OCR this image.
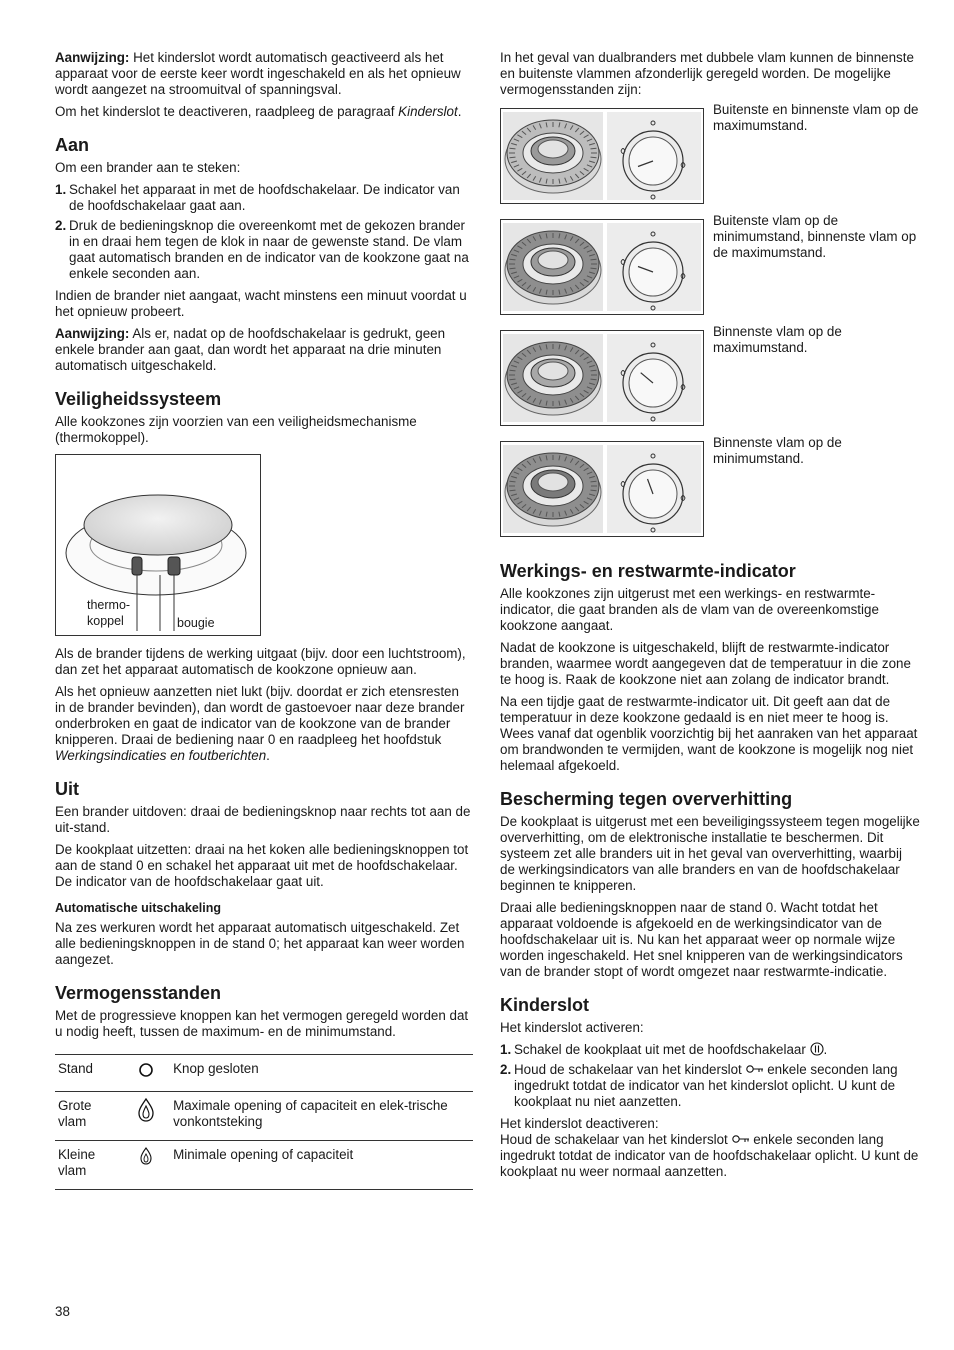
Aanwijzing: Het kinderslot wordt automatisch geactiveerd als het apparaat voor de eerste keer wordt ingeschakeld en als het opnieuw wordt aangezet na stroomuitval of spanningsval.

Om het kinderslot te deactiveren, raadpleeg de paragraaf Kinderslot.

Aan

Om een brander aan te steken:

1. Schakel het apparaat in met de hoofdschakelaar. De indicator van de hoofdschakelaar gaat aan.
2. Druk de bedieningsknop die overeenkomt met de gekozen brander in en draai hem tegen de klok in naar de gewenste stand. De vlam gaat automatisch branden en de indicator van de kookzone gaat na enkele seconden aan.

Indien de brander niet aangaat, wacht minstens een minuut voordat u het opnieuw probeert.

Aanwijzing: Als er, nadat op de hoofdschakelaar is gedrukt, geen enkele brander aan gaat, dan wordt het apparaat na drie minuten automatisch uitgeschakeld.

Veiligheidssysteem

Alle kookzones zijn voorzien van een veiligheidsmechanisme (thermokoppel).

thermo-
koppel	bougie

Als de brander tijdens de werking uitgaat (bijv. door een luchtstroom), dan zet het apparaat automatisch de kookzone opnieuw aan.

Als het opnieuw aanzetten niet lukt (bijv. doordat er zich etensresten in de brander bevinden), dan wordt de gastoevoer naar deze brander onderbroken en gaat de indicator van de kookzone van de brander knipperen. Draai de bediening naar 0 en raadpleeg het hoofdstuk Werkingsindicaties en foutberichten.

Uit

Een brander uitdoven: draai de bedieningsknop naar rechts tot aan de uit-stand.

De kookplaat uitzetten: draai na het koken alle bedieningsknoppen tot aan de stand 0 en schakel het apparaat uit met de hoofdschakelaar. De indicator van de hoofdschakelaar gaat uit.

Automatische uitschakeling

Na zes werkuren wordt het apparaat automatisch uitgeschakeld. Zet alle bedieningsknoppen in de stand 0; het apparaat kan weer worden aangezet.

Vermogensstanden

Met de progressieve knoppen kan het vermogen geregeld worden dat u nodig heeft, tussen de maximum- en de minimumstand.

Stand		Knop gesloten
Grote vlam		Maximale opening of capaciteit en elek-trische vonkontsteking
Kleine vlam		Minimale opening of capaciteit

In het geval van dualbranders met dubbele vlam kunnen de binnenste en buitenste vlammen afzonderlijk geregeld worden. De mogelijke vermogensstanden zijn:

Buitenste en binnenste vlam op de maximumstand.
Buitenste vlam op de minimumstand, binnenste vlam op de maximumstand.
Binnenste vlam op de maximumstand.
Binnenste vlam op de minimumstand.
Werkings- en restwarmte-indicator

Alle kookzones zijn uitgerust met een werkings- en restwarmte-indicator, die gaat branden als de vlam van de overeenkomstige kookzone aangaat.

Nadat de kookzone is uitgeschakeld, blijft de restwarmte-indicator branden, waarmee wordt aangegeven dat de temperatuur in die zone te hoog is. Raak de kookzone niet aan zolang de indicator brandt.

Na een tijdje gaat de restwarmte-indicator uit. Dit geeft aan dat de temperatuur in deze kookzone gedaald is en niet meer te hoog is. Wees vanaf dat ogenblik voorzichtig bij het aanraken van het apparaat om brandwonden te vermijden, want de kookzone is mogelijk nog niet helemaal afgekoeld.

Bescherming tegen oververhitting

De kookplaat is uitgerust met een beveiligingssysteem tegen mogelijke oververhitting, om de elektronische installatie te beschermen. Dit systeem zet alle branders uit in het geval van oververhitting, waarbij de werkingsindicators van alle branders en van de hoofdschakelaar beginnen te knipperen.

Draai alle bedieningsknoppen naar de stand 0. Wacht totdat het apparaat voldoende is afgekoeld en de werkingsindicator van de hoofdschakelaar uit is. Nu kan het apparaat weer op normale wijze worden ingeschakeld. Het snel knipperen van de werkingsindicators van de brander stopt of wordt omgezet naar restwarmte-indicatie.

Kinderslot

Het kinderslot activeren:

1. Schakel de kookplaat uit met de hoofdschakelaar .
2. Houd de schakelaar van het kinderslot  enkele seconden lang ingedrukt totdat de indicator van het kinderslot oplicht. U kunt de kookplaat nu niet aanzetten.

Het kinderslot deactiveren:

Houd de schakelaar van het kinderslot  enkele seconden lang ingedrukt totdat de indicator van de hoofdschakelaar oplicht. U kunt de kookplaat nu weer normaal aanzetten.

38
